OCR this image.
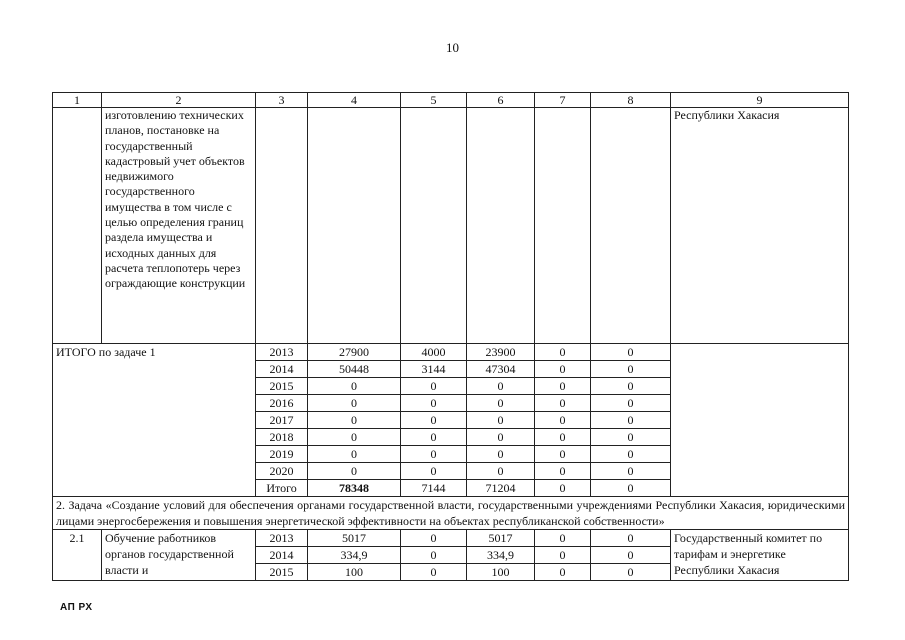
10
1	2	3	4	5	6	7	8	9
	изготовлению технических планов, постановке на государственный кадастровый учет объектов недвижимого государственного имущества в том числе с целью определения границ раздела имущества и исходных данных для расчета теплопотерь через ограждающие конструкции							Республики Хакасия
ИТОГО по задаче 1		2013	27900	4000	23900	0	0	
		2014	50448	3144	47304	0	0	
		2015	0	0	0	0	0	
		2016	0	0	0	0	0	
		2017	0	0	0	0	0	
		2018	0	0	0	0	0	
		2019	0	0	0	0	0	
		2020	0	0	0	0	0	
		Итого	78348	7144	71204	0	0	
2. Задача «Создание условий для обеспечения органами государственной власти, государственными учреждениями Республики Хакасия, юридическими лицами энергосбережения и повышения энергетической эффективности на объектах республиканской собственности»								
2.1	Обучение работников органов государственной власти и	2013	5017	0	5017	0	0	Государственный комитет по тарифам и энергетике Республики Хакасия
		2014	334,9	0	334,9	0	0	
		2015	100	0	100	0	0	
АП РХ
